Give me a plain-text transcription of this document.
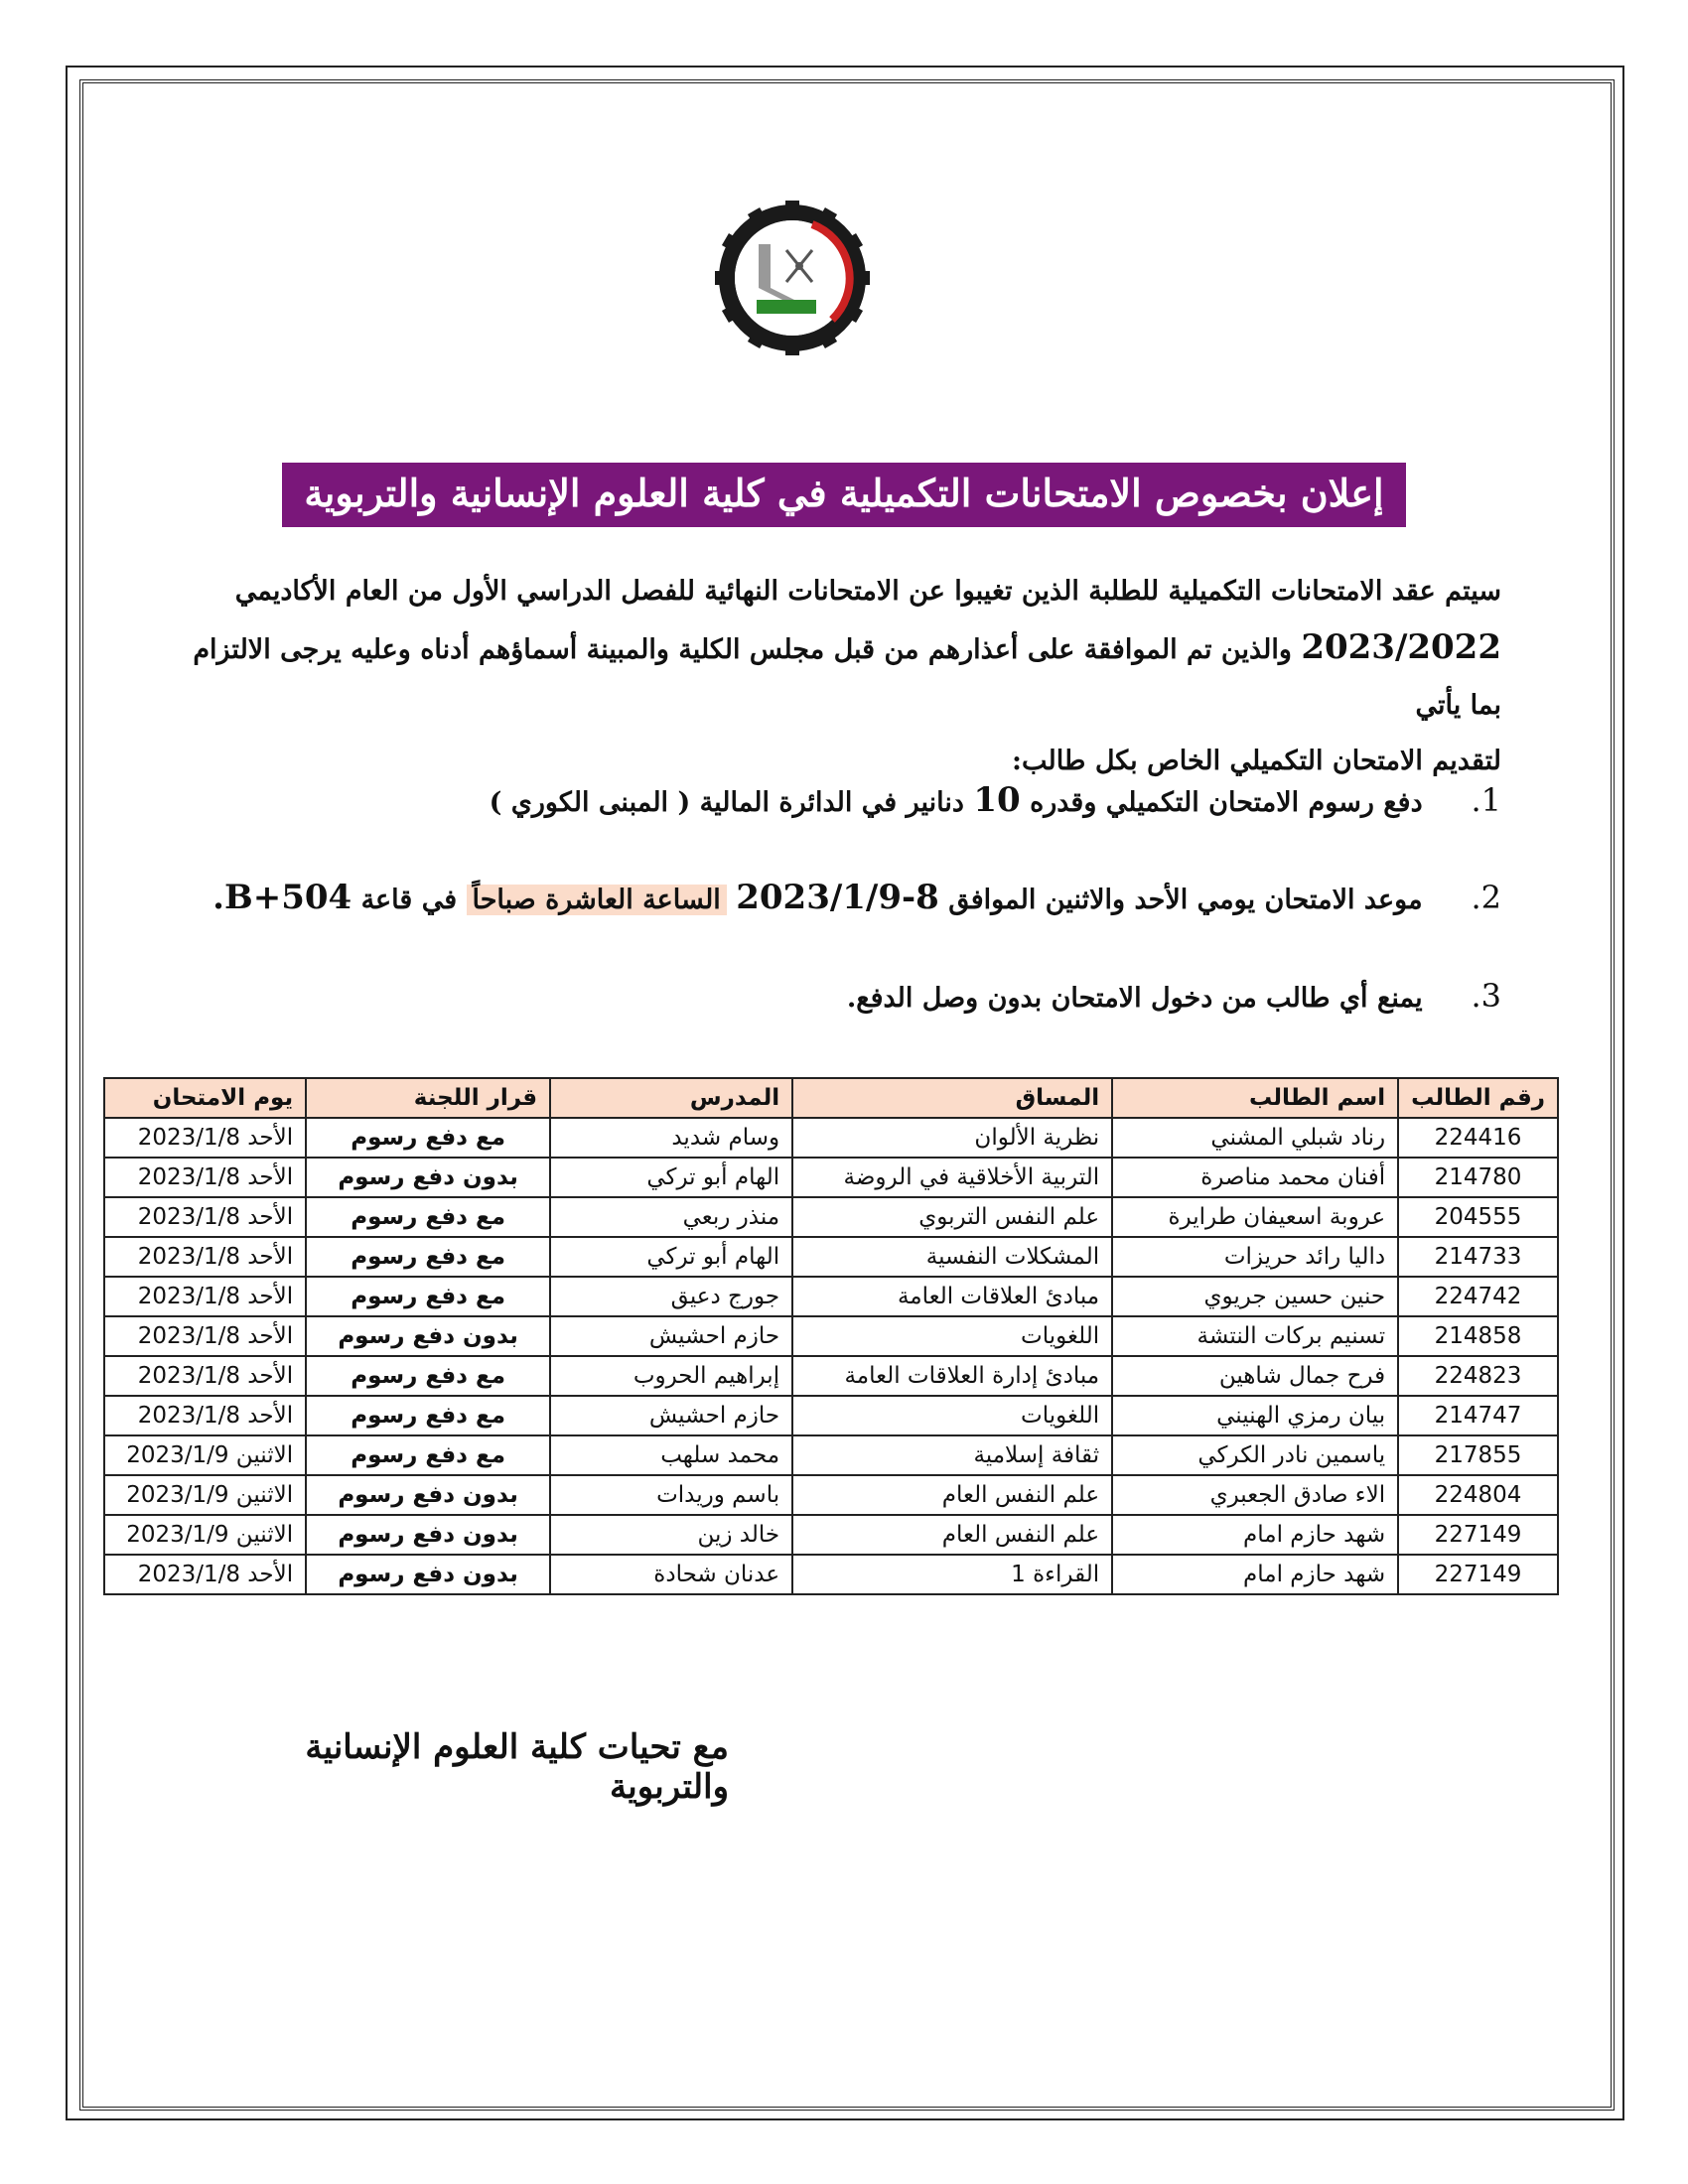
إعلان بخصوص الامتحانات التكميلية في كلية العلوم الإنسانية والتربوية
سيتم عقد الامتحانات التكميلية للطلبة الذين تغيبوا عن الامتحانات النهائية للفصل الدراسي الأول من العام الأكاديمي
2023/2022 والذين تم الموافقة على أعذارهم من قبل مجلس الكلية والمبينة أسماؤهم أدناه وعليه يرجى الالتزام بما يأتي
لتقديم الامتحان التكميلي الخاص بكل طالب:
1. دفع رسوم الامتحان التكميلي وقدره 10 دنانير في الدائرة المالية ( المبنى الكوري )
2. موعد الامتحان يومي الأحد والاثنين الموافق 2023/1/9-8 الساعة العاشرة صباحاً في قاعة B+504.
3. يمنع أي طالب من دخول الامتحان بدون وصل الدفع.
رقم الطالب	اسم الطالب	المساق	المدرس	قرار اللجنة	يوم الامتحان
224416	رناد شبلي المشني	نظرية الألوان	وسام شديد	مع دفع رسوم	الأحد 2023/1/8
214780	أفنان محمد مناصرة	التربية الأخلاقية في الروضة	الهام أبو تركي	بدون دفع رسوم	الأحد 2023/1/8
204555	عروبة اسعيفان طرايرة	علم النفس التربوي	منذر ربعي	مع دفع رسوم	الأحد 2023/1/8
214733	داليا رائد حريزات	المشكلات النفسية	الهام أبو تركي	مع دفع رسوم	الأحد 2023/1/8
224742	حنين حسين جريوي	مبادئ العلاقات العامة	جورج دعيق	مع دفع رسوم	الأحد 2023/1/8
214858	تسنيم بركات النتشة	اللغويات	حازم احشيش	بدون دفع رسوم	الأحد 2023/1/8
224823	فرح جمال شاهين	مبادئ إدارة العلاقات العامة	إبراهيم الحروب	مع دفع رسوم	الأحد 2023/1/8
214747	بيان رمزي الهنيني	اللغويات	حازم احشيش	مع دفع رسوم	الأحد 2023/1/8
217855	ياسمين نادر الكركي	ثقافة إسلامية	محمد سلهب	مع دفع رسوم	الاثنين 2023/1/9
224804	الاء صادق الجعبري	علم النفس العام	باسم وريدات	بدون دفع رسوم	الاثنين 2023/1/9
227149	شهد حازم امام	علم النفس العام	خالد زين	بدون دفع رسوم	الاثنين 2023/1/9
227149	شهد حازم امام	القراءة 1	عدنان شحادة	بدون دفع رسوم	الأحد 2023/1/8
مع تحيات كلية العلوم الإنسانية والتربوية
